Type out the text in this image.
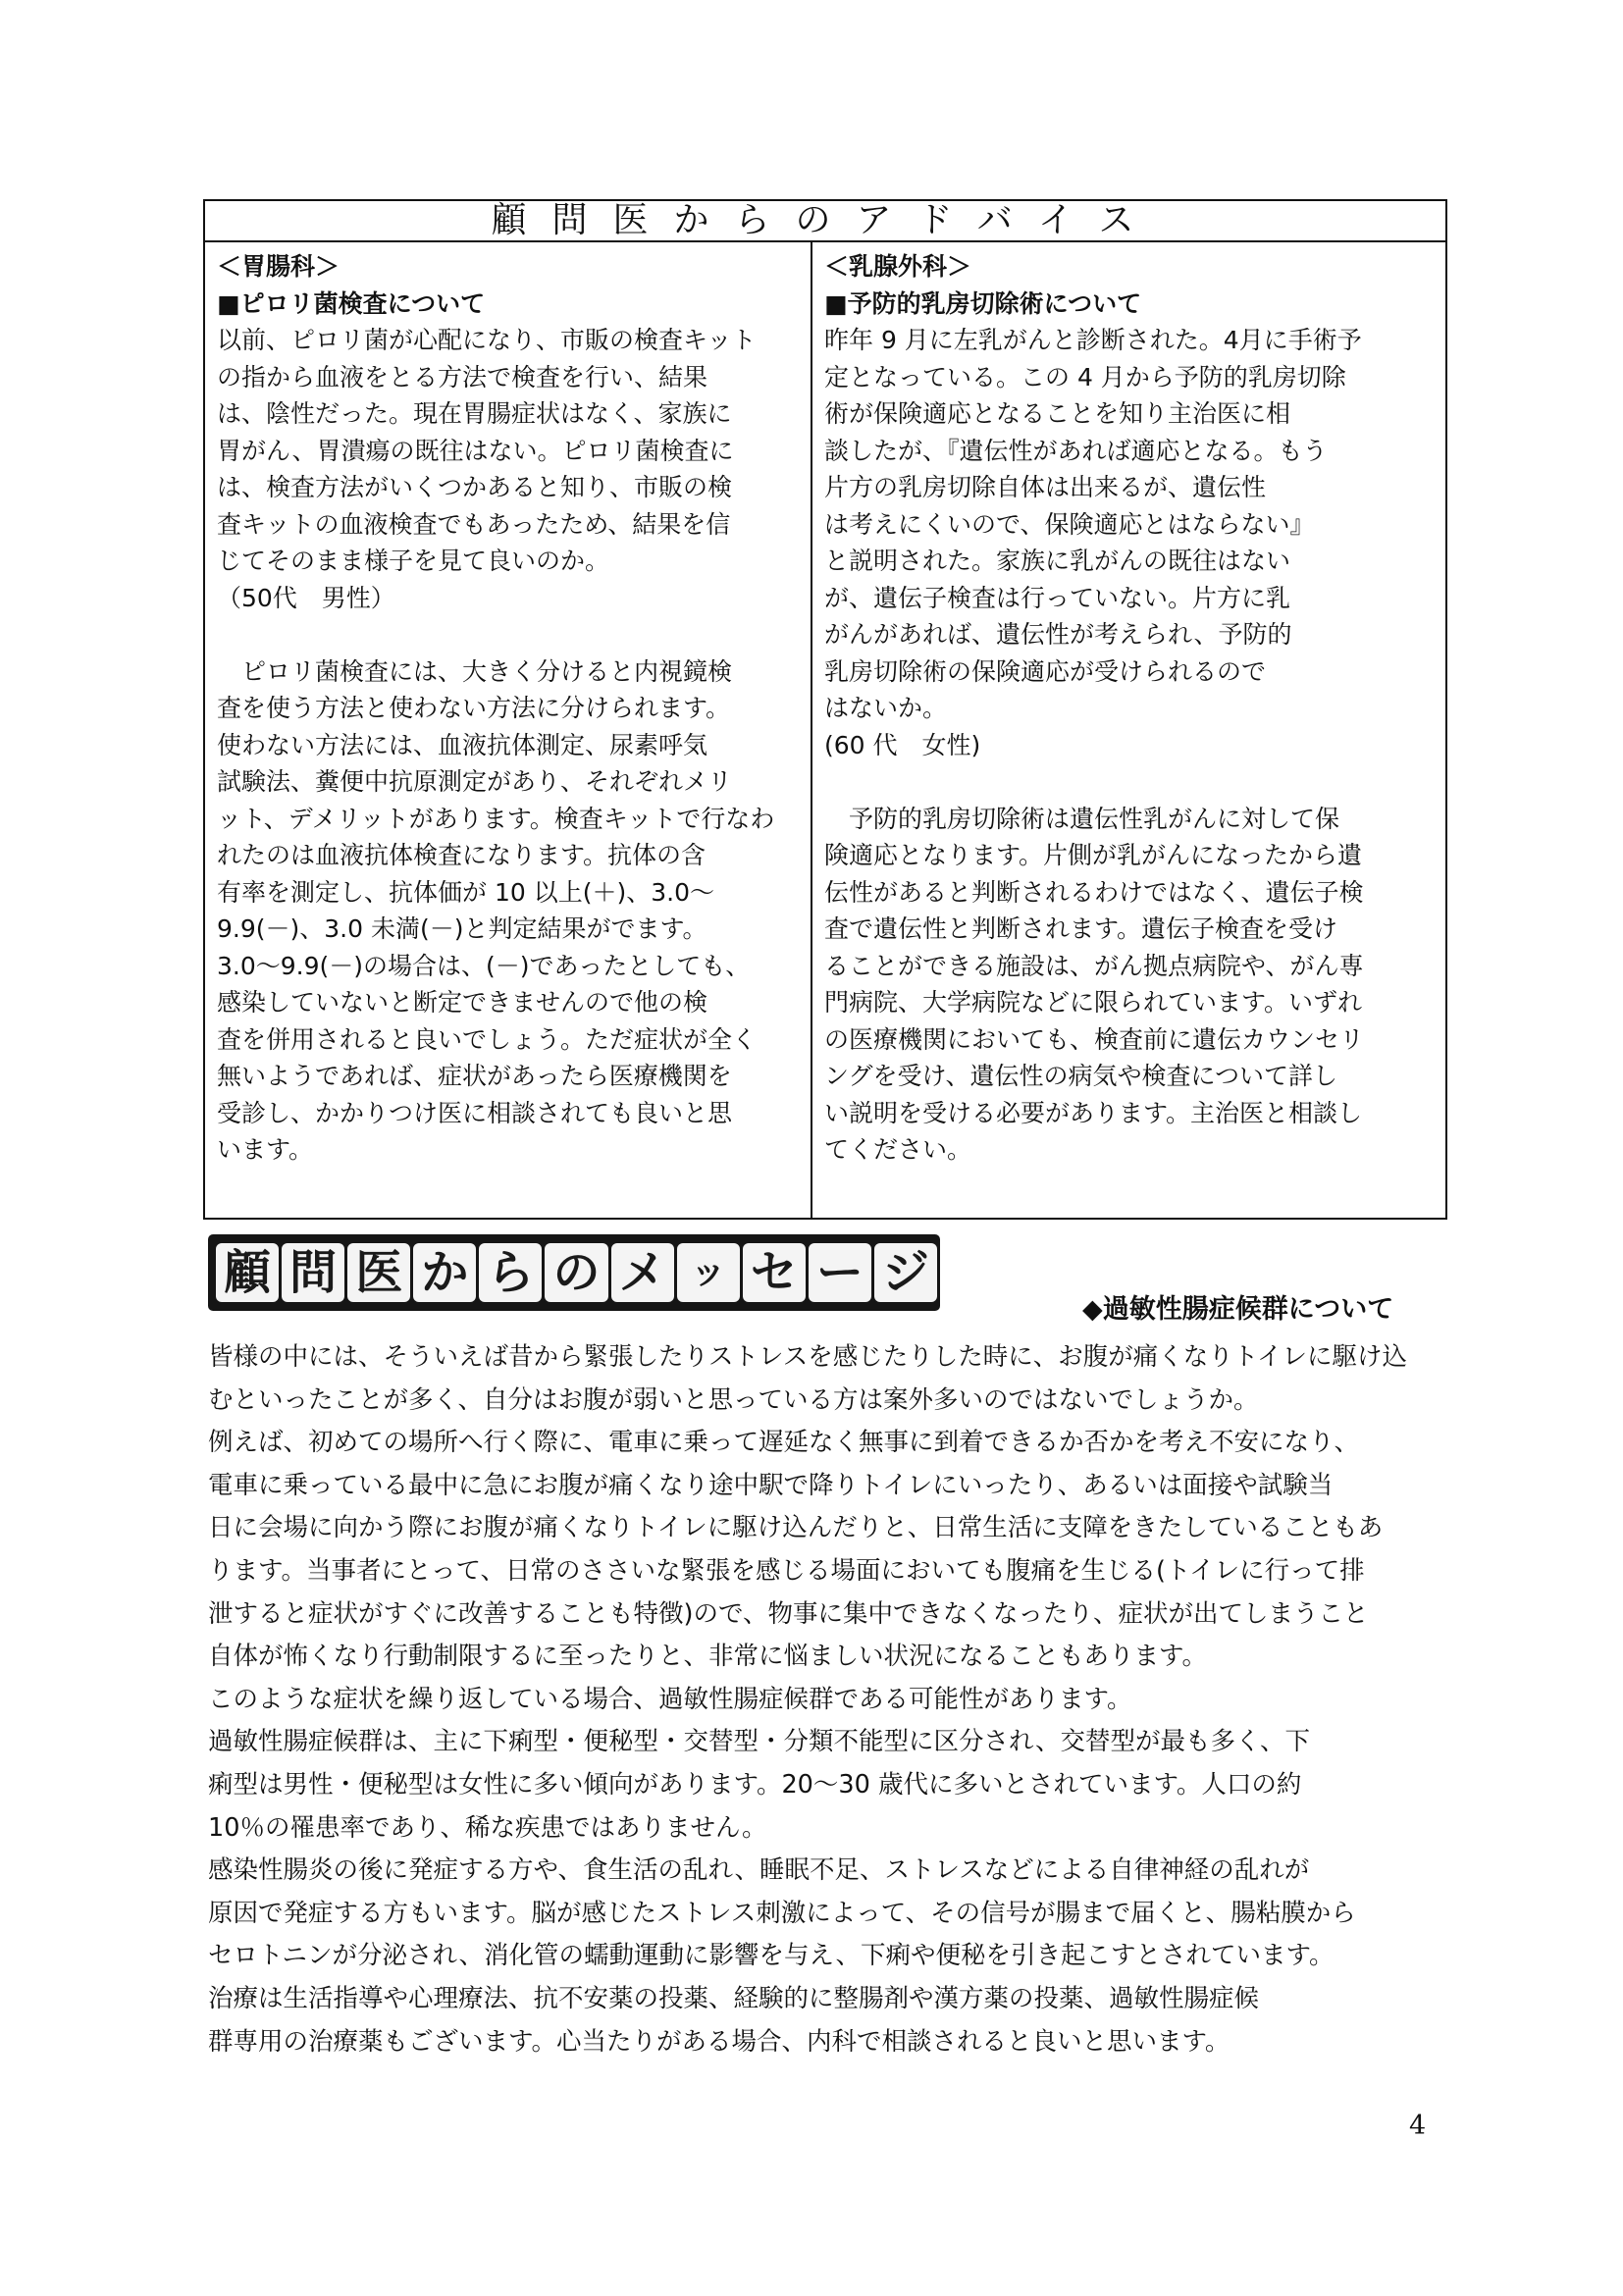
顧問医からのアドバイス

＜胃腸科＞

■ピロリ菌検査について

以前、ピロリ菌が心配になり、市販の検査キット

の指から血液をとる方法で検査を行い、結果

は、陰性だった。現在胃腸症状はなく、家族に

胃がん、胃潰瘍の既往はない。ピロリ菌検査に

は、検査方法がいくつかあると知り、市販の検

査キットの血液検査でもあったため、結果を信

じてそのまま様子を見て良いのか。

（50代　男性）

ピロリ菌検査には、大きく分けると内視鏡検

査を使う方法と使わない方法に分けられます。

使わない方法には、血液抗体測定、尿素呼気

試験法、糞便中抗原測定があり、それぞれメリ

ット、デメリットがあります。検査キットで行なわ

れたのは血液抗体検査になります。抗体の含

有率を測定し、抗体価が 10 以上(＋)、3.0～

9.9(－)、3.0 未満(－)と判定結果がでます。

3.0～9.9(－)の場合は、(－)であったとしても、

感染していないと断定できませんので他の検

査を併用されると良いでしょう。ただ症状が全く

無いようであれば、症状があったら医療機関を

受診し、かかりつけ医に相談されても良いと思

います。

＜乳腺外科＞

■予防的乳房切除術について

昨年 9 月に左乳がんと診断された。4月に手術予

定となっている。この 4 月から予防的乳房切除

術が保険適応となることを知り主治医に相

談したが、『遺伝性があれば適応となる。もう

片方の乳房切除自体は出来るが、遺伝性

は考えにくいので、保険適応とはならない』

と説明された。家族に乳がんの既往はない

が、遺伝子検査は行っていない。片方に乳

がんがあれば、遺伝性が考えられ、予防的

乳房切除術の保険適応が受けられるので

はないか。

(60 代　女性)

予防的乳房切除術は遺伝性乳がんに対して保

険適応となります。片側が乳がんになったから遺

伝性があると判断されるわけではなく、遺伝子検

査で遺伝性と判断されます。遺伝子検査を受け

ることができる施設は、がん拠点病院や、がん専

門病院、大学病院などに限られています。いずれ

の医療機関においても、検査前に遺伝カウンセリ

ングを受け、遺伝性の病気や検査について詳し

い説明を受ける必要があります。主治医と相談し

てください。

顧 問 医 か ら の メ ッ セ ー ジ
◆過敏性腸症候群について

皆様の中には、そういえば昔から緊張したりストレスを感じたりした時に、お腹が痛くなりトイレに駆け込

むといったことが多く、自分はお腹が弱いと思っている方は案外多いのではないでしょうか。

例えば、初めての場所へ行く際に、電車に乗って遅延なく無事に到着できるか否かを考え不安になり、

電車に乗っている最中に急にお腹が痛くなり途中駅で降りトイレにいったり、あるいは面接や試験当

日に会場に向かう際にお腹が痛くなりトイレに駆け込んだりと、日常生活に支障をきたしていることもあ

ります。当事者にとって、日常のささいな緊張を感じる場面においても腹痛を生じる(トイレに行って排

泄すると症状がすぐに改善することも特徴)ので、物事に集中できなくなったり、症状が出てしまうこと

自体が怖くなり行動制限するに至ったりと、非常に悩ましい状況になることもあります。

このような症状を繰り返している場合、過敏性腸症候群である可能性があります。

過敏性腸症候群は、主に下痢型・便秘型・交替型・分類不能型に区分され、交替型が最も多く、下

痢型は男性・便秘型は女性に多い傾向があります。20～30 歳代に多いとされています。人口の約

10％の罹患率であり、稀な疾患ではありません。

感染性腸炎の後に発症する方や、食生活の乱れ、睡眠不足、ストレスなどによる自律神経の乱れが

原因で発症する方もいます。脳が感じたストレス刺激によって、その信号が腸まで届くと、腸粘膜から

セロトニンが分泌され、消化管の蠕動運動に影響を与え、下痢や便秘を引き起こすとされています。

治療は生活指導や心理療法、抗不安薬の投薬、経験的に整腸剤や漢方薬の投薬、過敏性腸症候

群専用の治療薬もございます。心当たりがある場合、内科で相談されると良いと思います。

4
